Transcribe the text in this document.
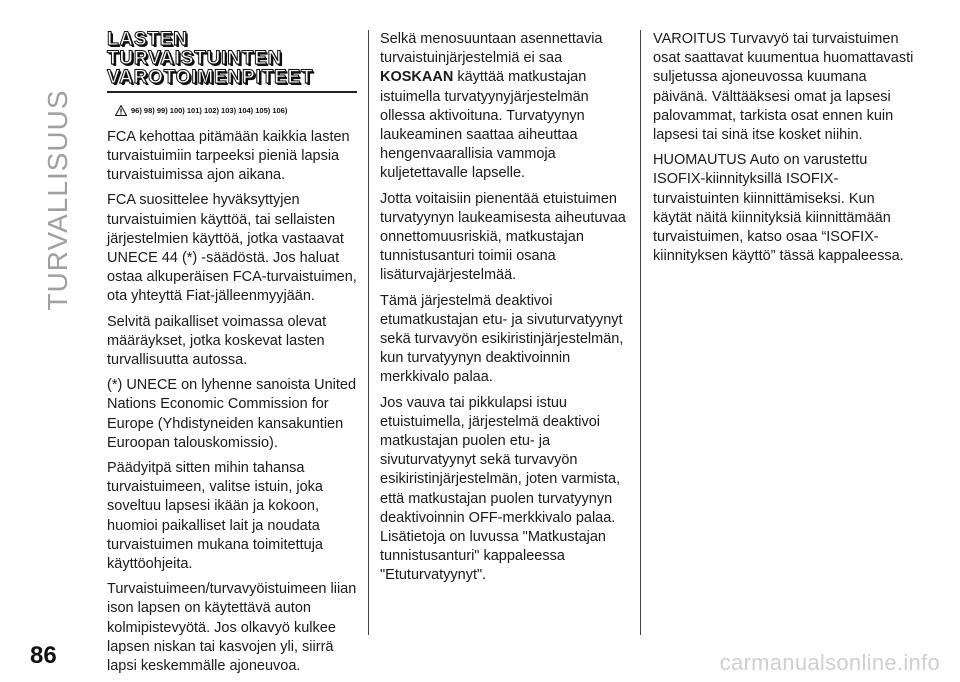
TURVALLISUUS
LASTEN
TURVAISTUINTEN
VAROTOIMENPITEET
96) 98) 99) 100) 101) 102) 103) 104) 105) 106)

FCA kehottaa pitämään kaikkia lasten turvaistuimiin tarpeeksi pieniä lapsia turvaistuimissa ajon aikana.

FCA suosittelee hyväksyttyjen turvaistuimien käyttöä, tai sellaisten järjestelmien käyttöä, jotka vastaavat UNECE 44 (*) -säädöstä. Jos haluat ostaa alkuperäisen FCA-turvaistuimen, ota yhteyttä Fiat-jälleenmyyjään.

Selvitä paikalliset voimassa olevat määräykset, jotka koskevat lasten turvallisuutta autossa.

(*) UNECE on lyhenne sanoista United Nations Economic Commission for Europe (Yhdistyneiden kansakuntien Euroopan talouskomissio).

Päädyitpä sitten mihin tahansa turvaistuimeen, valitse istuin, joka soveltuu lapsesi ikään ja kokoon, huomioi paikalliset lait ja noudata turvaistuimen mukana toimitettuja käyttöohjeita.

Turvaistuimeen/turvavyöistuimeen liian ison lapsen on käytettävä auton kolmipistevyötä. Jos olkavyö kulkee lapsen niskan tai kasvojen yli, siirrä lapsi keskemmälle ajoneuvoa.

Selkä menosuuntaan asennettavia turvaistuinjärjestelmiä ei saa KOSKAAN käyttää matkustajan istuimella turvatyynyjärjestelmän ollessa aktivoituna. Turvatyynyn laukeaminen saattaa aiheuttaa hengenvaarallisia vammoja kuljetettavalle lapselle.

Jotta voitaisiin pienentää etuistuimen turvatyynyn laukeamisesta aiheutuvaa onnettomuusriskiä, matkustajan tunnistusanturi toimii osana lisäturvajärjestelmää.

Tämä järjestelmä deaktivoi etumatkustajan etu- ja sivuturvatyynyt sekä turvavyön esikiristinjärjestelmän, kun turvatyynyn deaktivoinnin merkkivalo palaa.

Jos vauva tai pikkulapsi istuu etuistuimella, järjestelmä deaktivoi matkustajan puolen etu- ja sivuturvatyynyt sekä turvavyön esikiristinjärjestelmän, joten varmista, että matkustajan puolen turvatyynyn deaktivoinnin OFF-merkkivalo palaa. Lisätietoja on luvussa "Matkustajan tunnistusanturi" kappaleessa "Etuturvatyynyt".

VAROITUS Turvavyö tai turvaistuimen osat saattavat kuumentua huomattavasti suljetussa ajoneuvossa kuumana päivänä. Välttääksesi omat ja lapsesi palovammat, tarkista osat ennen kuin lapsesi tai sinä itse kosket niihin.

HUOMAUTUS Auto on varustettu ISOFIX-kiinnityksillä ISOFIX-turvaistuinten kiinnittämiseksi. Kun käytät näitä kiinnityksiä kiinnittämään turvaistuimen, katso osaa “ISOFIX-kiinnityksen käyttö” tässä kappaleessa.

86	carmanualsonline.info
